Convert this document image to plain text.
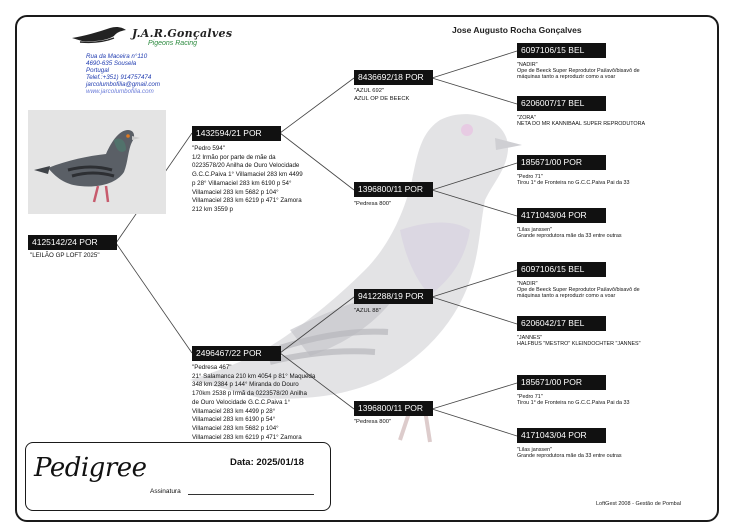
J.A.R.Gonçalves
Pigeons Racing
Rua da Maceira n°110
4690-635 Sousela
Portugal
Telef.:+351) 914757474
jarcolumbofilia@gmail.com
www.jarcolumbofilia.com
Jose Augusto Rocha Gonçalves
4125142/24 POR
"LEILÃO GP LOFT 2025"
1432594/21 POR
"Pedro 594"
1/2 Irmão por parte de mãe da
0223578/20 Anilha de Ouro Velocidade
G.C.C.Paiva 1° Villamaciel 283 km 4499
p 28° Villamaciel 283 km 6190 p 54°
Villamaciel 283 km 5682 p 104°
Villamaciel 283 km 6219 p 471° Zamora
212 km 3559 p
2496467/22 POR
"Pedresa 467"
21° Salamanca 210 km 4054 p 81° Maqueda
348 km 2384 p 144° Miranda do Douro
170km 2538 p Irmã da 0223578/20 Anilha
de Ouro Velocidade G.C.C.Paiva 1°
Villamaciel 283 km 4499 p 28°
Villamaciel 283 km 6190 p 54°
Villamaciel 283 km 5682 p 104°
Villamaciel 283 km 6219 p 471° Zamora
8436692/18 POR
"AZUL 692"
AZUL OP DE BEECK
1396800/11 POR
"Pedresa 800"
9412288/19 POR
"AZUL 88"
1396800/11 POR
"Pedresa 800"
6097106/15 BEL
"NADIR"
Ope de Beeck Super Reprodutor Pai/avô/bisavô de
máquinas tanto a reproduzir como a voar
6206007/17 BEL
"ZORA"
NETA DO MR KANNIBAAL SUPER REPRODUTORA
185671/00 POR
"Pedro 71"
Tirou 1° de Fronteira no G.C.C.Paiva Pai da 33
4171043/04 POR
"Lilas janssen"
Grande reprodutora mãe da 33 entre outras
6097106/15 BEL
"NADIR"
Ope de Beeck Super Reprodutor Pai/avô/bisavô de
máquinas tanto a reproduzir como a voar
6206042/17 BEL
"JANNES"
HALFBUS "MESTRO" KLEINDOCHTER "JANNES"
185671/00 POR
"Pedro 71"
Tirou 1° de Fronteira no G.C.C.Paiva Pai da 33
4171043/04 POR
"Lilas janssen"
Grande reprodutora mãe da 33 entre outras
Pedigree	Data: 2025/01/18
Assinatura
LoftGest 2008 - Gestão de Pombal
